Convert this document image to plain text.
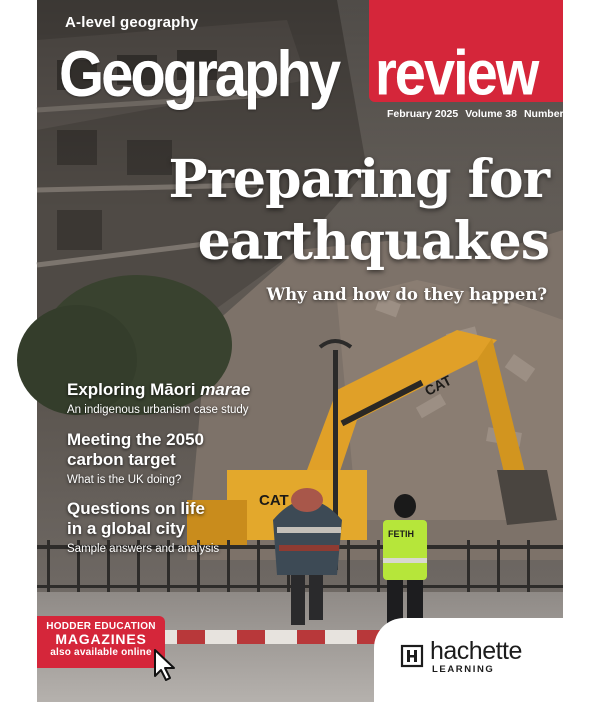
A-level geography
Geography review
February 2025 Volume 38 Number 3
Preparing for
earthquakes
Why and how do they happen?
Exploring Māori marae
An indigenous urbanism case study
Meeting the 2050
carbon target
What is the UK doing?
Questions on life
in a global city
Sample answers and analysis
HODDER EDUCATION
MAGAZINES
also available online	hachette
LEARNING
